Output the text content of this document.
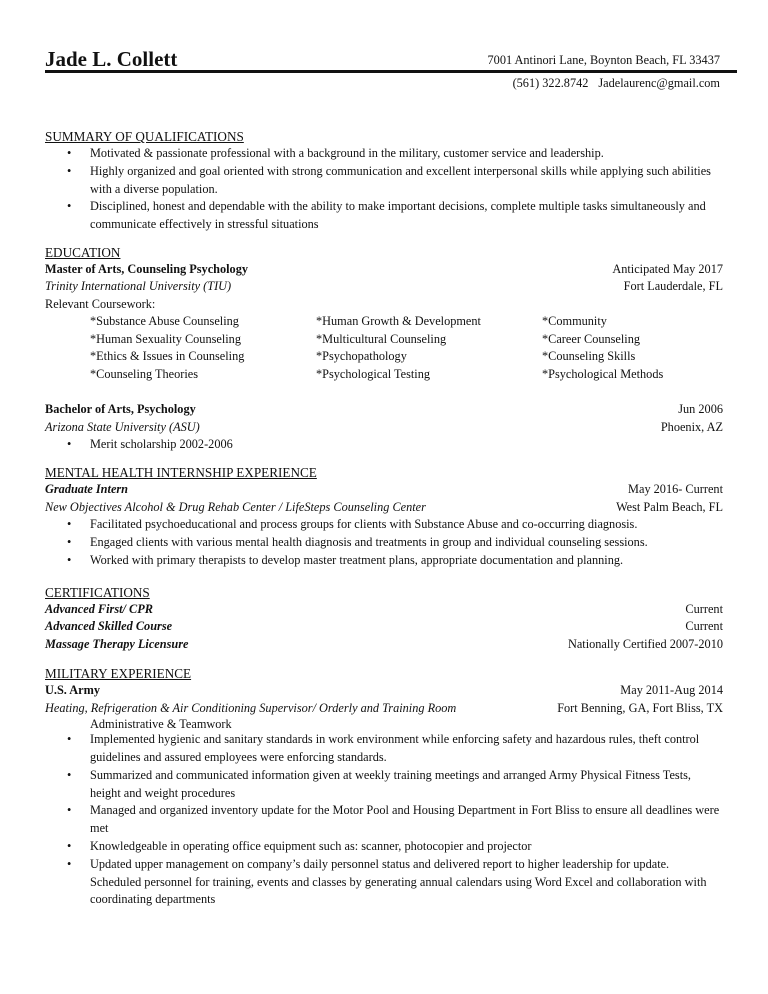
Jade L. Collett	7001 Antinori Lane, Boynton Beach, FL 33437
(561) 322.8742 Jadelaurenc@gmail.com
SUMMARY OF QUALIFICATIONS
• Motivated & passionate professional with a background in the military, customer service and leadership.
• Highly organized and goal oriented with strong communication and excellent interpersonal skills while applying such abilities with a diverse population.
• Disciplined, honest and dependable with the ability to make important decisions, complete multiple tasks simultaneously and communicate effectively in stressful situations
EDUCATION
Master of Arts, Counseling Psychology	Anticipated May 2017
Trinity International University (TIU)	Fort Lauderdale, FL
Relevant Coursework:
*Substance Abuse Counseling	*Human Growth & Development	*Community
*Human Sexuality Counseling	*Multicultural Counseling	*Career Counseling
*Ethics & Issues in Counseling	*Psychopathology	*Counseling Skills
*Counseling Theories	*Psychological Testing	*Psychological Methods
Bachelor of Arts, Psychology	Jun 2006
Arizona State University (ASU)	Phoenix, AZ
• Merit scholarship 2002-2006
MENTAL HEALTH INTERNSHIP EXPERIENCE
Graduate Intern	May 2016- Current
New Objectives Alcohol & Drug Rehab Center / LifeSteps Counseling Center	West Palm Beach, FL
• Facilitated psychoeducational and process groups for clients with Substance Abuse and co-occurring diagnosis.
• Engaged clients with various mental health diagnosis and treatments in group and individual counseling sessions.
• Worked with primary therapists to develop master treatment plans, appropriate documentation and planning.
CERTIFICATIONS
Advanced First/ CPR	Current
Advanced Skilled Course	Current
Massage Therapy Licensure	Nationally Certified 2007-2010
MILITARY EXPERIENCE
U.S. Army	May 2011-Aug 2014
Heating, Refrigeration & Air Conditioning Supervisor/ Orderly and Training Room	Fort Benning, GA, Fort Bliss, TX
Administrative & Teamwork
• Implemented hygienic and sanitary standards in work environment while enforcing safety and hazardous rules, theft control guidelines and assured employees were enforcing standards.
• Summarized and communicated information given at weekly training meetings and arranged Army Physical Fitness Tests, height and weight procedures
• Managed and organized inventory update for the Motor Pool and Housing Department in Fort Bliss to ensure all deadlines were met
• Knowledgeable in operating office equipment such as: scanner, photocopier and projector
• Updated upper management on company’s daily personnel status and delivered report to higher leadership for update. Scheduled personnel for training, events and classes by generating annual calendars using Word Excel and collaboration with coordinating departments
